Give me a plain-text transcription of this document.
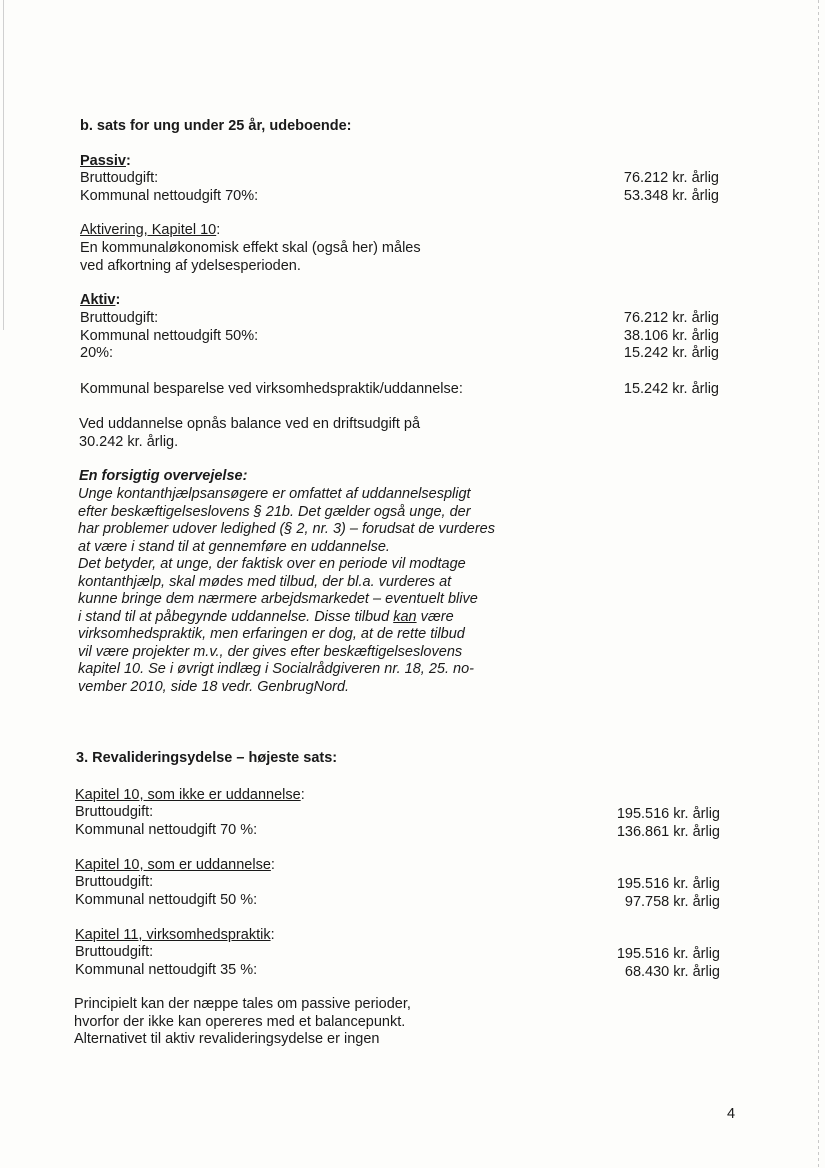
b. sats for ung under 25 år, udeboende:
Passiv:
Bruttoudgift:
Kommunal nettoudgift 70%:
76.212 kr. årlig
53.348 kr. årlig
Aktivering, Kapitel 10:
En kommunaløkonomisk effekt skal (også her) måles
ved afkortning af ydelsesperioden.
Aktiv:
Bruttoudgift:
Kommunal nettoudgift 50%:
20%:
76.212 kr. årlig
38.106 kr. årlig
15.242 kr. årlig
Kommunal besparelse ved virksomhedspraktik/uddannelse:	15.242 kr. årlig
Ved uddannelse opnås balance ved en driftsudgift på
30.242 kr. årlig.
En forsigtig overvejelse:
Unge kontanthjælpsansøgere er omfattet af uddannelsespligt
efter beskæftigelseslovens § 21b. Det gælder også unge, der
har problemer udover ledighed (§ 2, nr. 3) – forudsat de vurderes
at være i stand til at gennemføre en uddannelse.
Det betyder, at unge, der faktisk over en periode vil modtage
kontanthjælp, skal mødes med tilbud, der bl.a. vurderes at
kunne bringe dem nærmere arbejdsmarkedet – eventuelt blive
i stand til at påbegynde uddannelse. Disse tilbud kan være
virksomhedspraktik, men erfaringen er dog, at de rette tilbud
vil være projekter m.v., der gives efter beskæftigelseslovens
kapitel 10. Se i øvrigt indlæg i Socialrådgiveren nr. 18, 25. no-
vember 2010, side 18 vedr. GenbrugNord.
3. Revalideringsydelse – højeste sats:
Kapitel 10, som ikke er uddannelse:
Bruttoudgift:
Kommunal nettoudgift 70 %:
195.516 kr. årlig
136.861 kr. årlig
Kapitel 10, som er uddannelse:
Bruttoudgift:
Kommunal nettoudgift 50 %:
195.516 kr. årlig
97.758 kr. årlig
Kapitel 11, virksomhedspraktik:
Bruttoudgift:
Kommunal nettoudgift 35 %:
195.516 kr. årlig
68.430 kr. årlig
Principielt kan der næppe tales om passive perioder,
hvorfor der ikke kan opereres med et balancepunkt.
Alternativet til aktiv revalideringsydelse er ingen
4
